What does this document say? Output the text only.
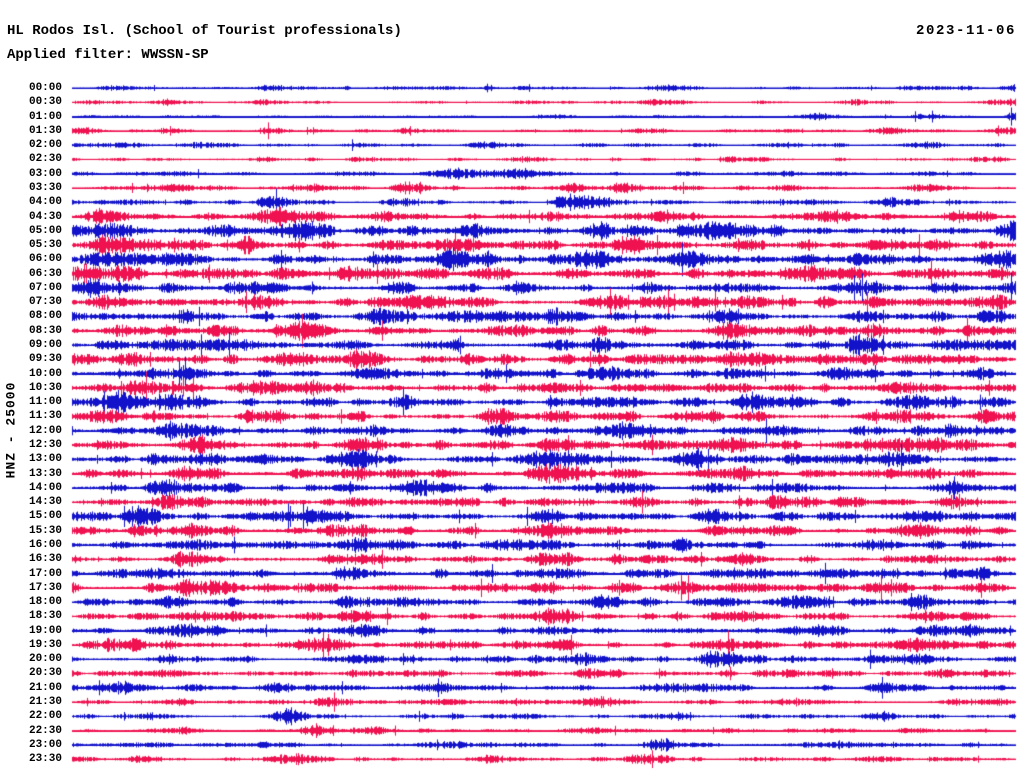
HL Rodos Isl. (School of Tourist professionals)	2023-11-06
Applied filter: WWSSN-SP
HNZ - 25000
00:00
00:30
01:00
01:30
02:00
02:30
03:00
03:30
04:00
04:30
05:00
05:30
06:00
06:30
07:00
07:30
08:00
08:30
09:00
09:30
10:00
10:30
11:00
11:30
12:00
12:30
13:00
13:30
14:00
14:30
15:00
15:30
16:00
16:30
17:00
17:30
18:00
18:30
19:00
19:30
20:00
20:30
21:00
21:30
22:00
22:30
23:00
23:30
